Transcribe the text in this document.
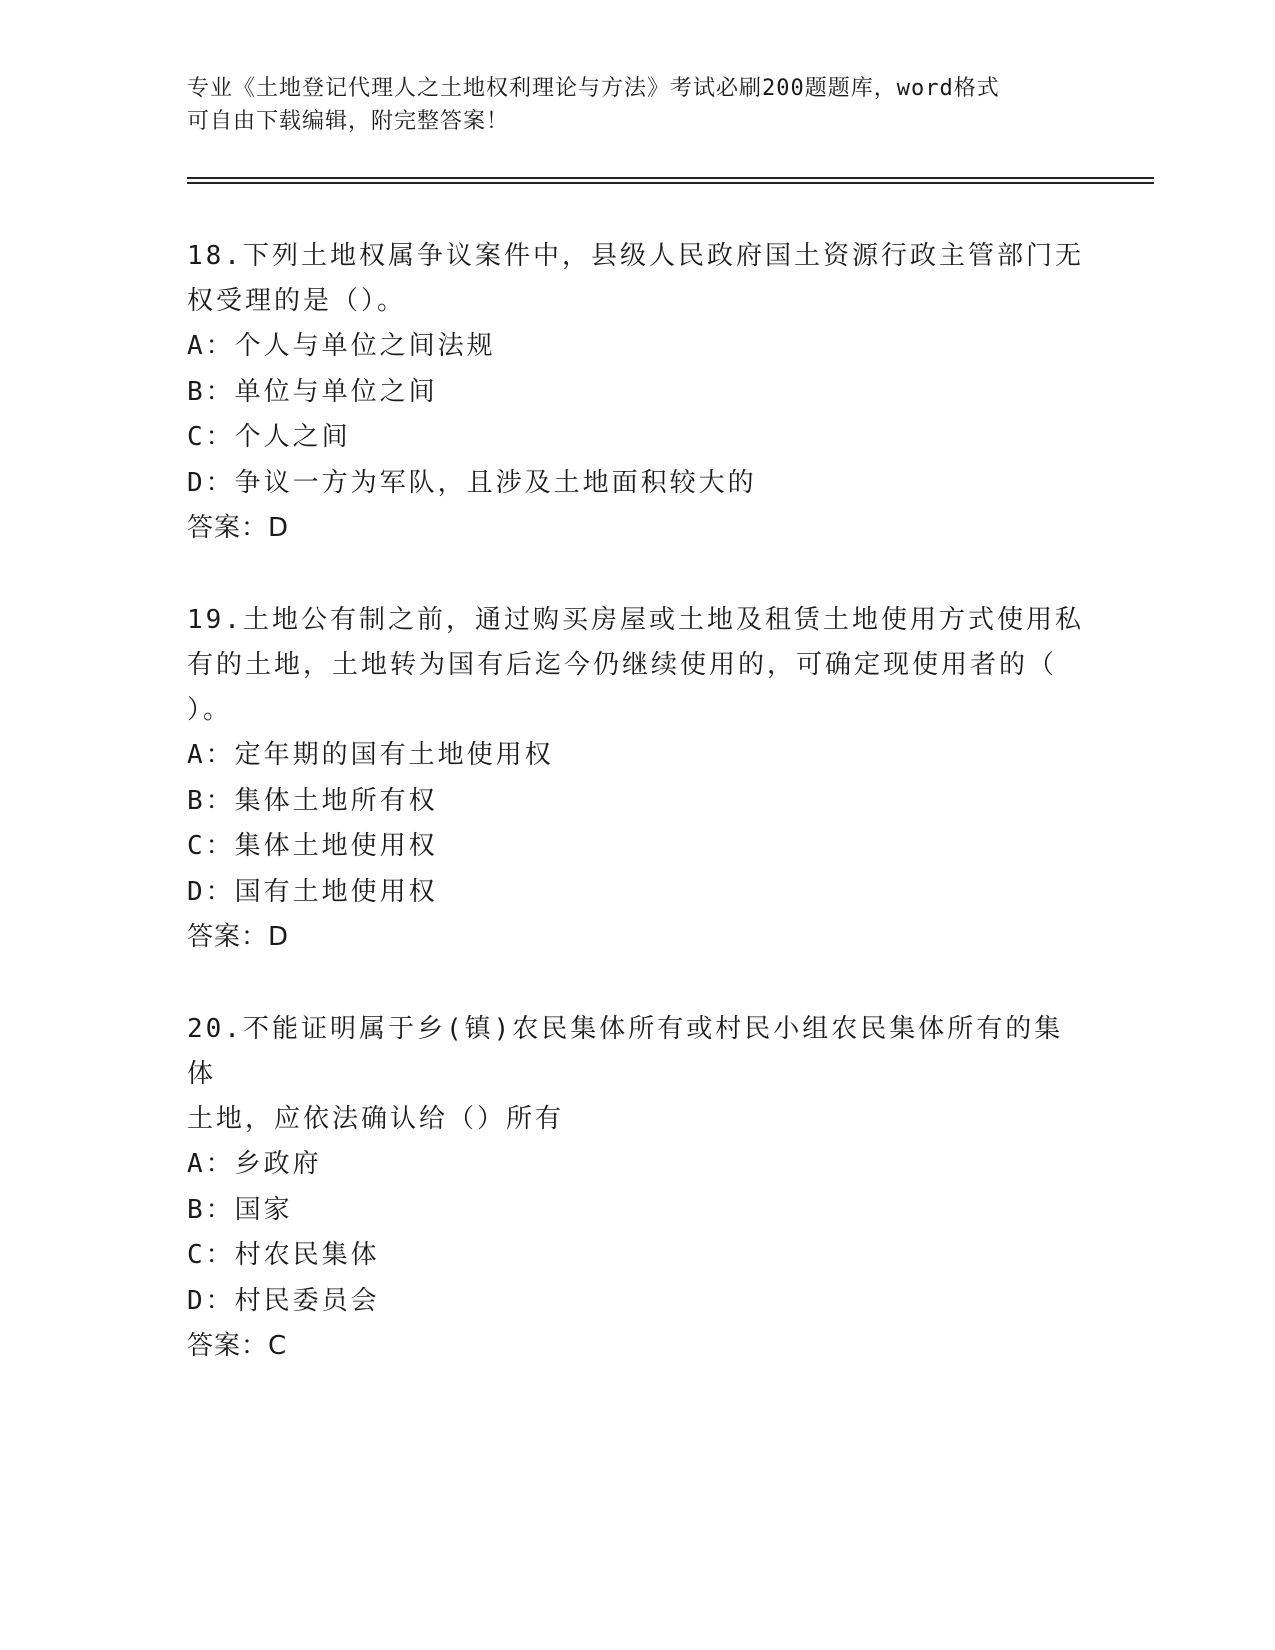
专业《土地登记代理人之土地权利理论与方法》考试必刷200题题库，word格式
可自由下载编辑，附完整答案！

18.下列土地权属争议案件中，县级人民政府国土资源行政主管部门无

权受理的是（）。

A：个人与单位之间法规

B：单位与单位之间

C：个人之间

D：争议一方为军队，且涉及土地面积较大的

答案：D

19.土地公有制之前，通过购买房屋或土地及租赁土地使用方式使用私

有的土地，土地转为国有后迄今仍继续使用的，可确定现使用者的（

）。

A：定年期的国有土地使用权

B：集体土地所有权

C：集体土地使用权

D：国有土地使用权

答案：D

20.不能证明属于乡(镇)农民集体所有或村民小组农民集体所有的集体

土地，应依法确认给（）所有

A：乡政府

B：国家

C：村农民集体

D：村民委员会

答案：C
